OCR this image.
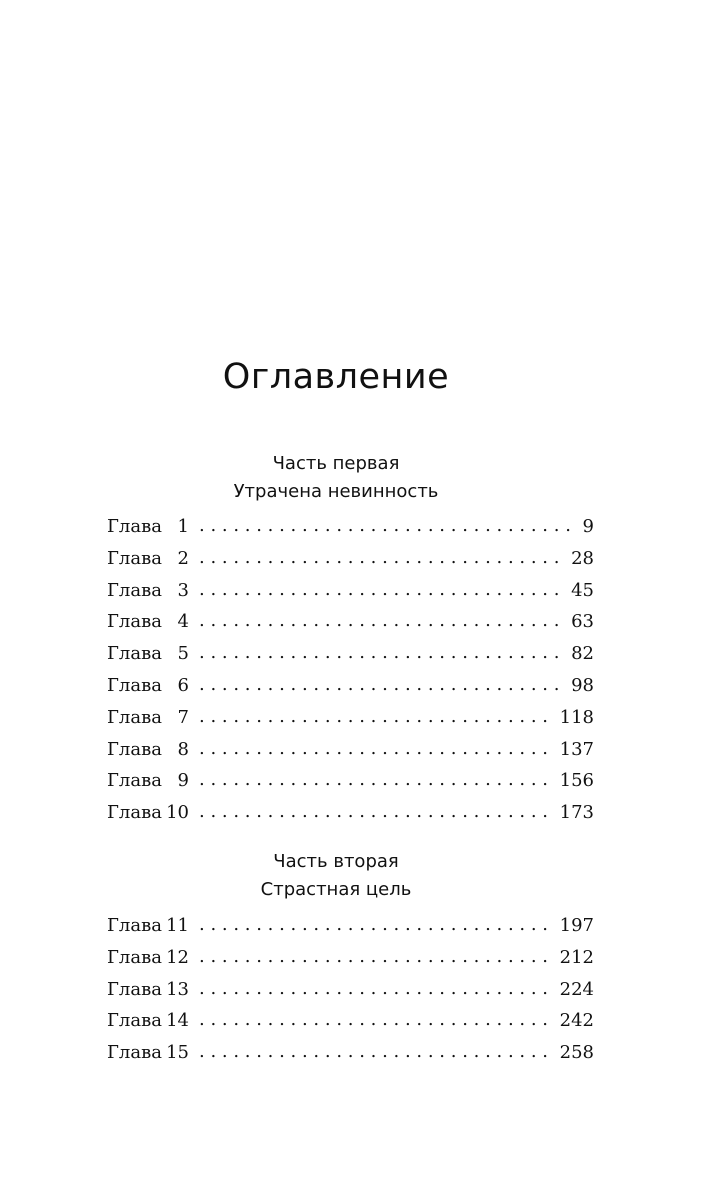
Оглавление
Часть первая
Утрачена невинность
Глава 1 . . .	9
Глава 2 . . .	28
Глава 3 . . .	45
Глава 4 . . .	63
Глава 5 . . .	82
Глава 6 . . .	98
Глава 7 . . .	118
Глава 8 . . .	137
Глава 9 . . .	156
Глава 10 . . .	173
Часть вторая
Страстная цель
Глава 11 . . .	197
Глава 12 . . .	212
Глава 13 . . .	224
Глава 14 . . .	242
Глава 15 . . .	258
